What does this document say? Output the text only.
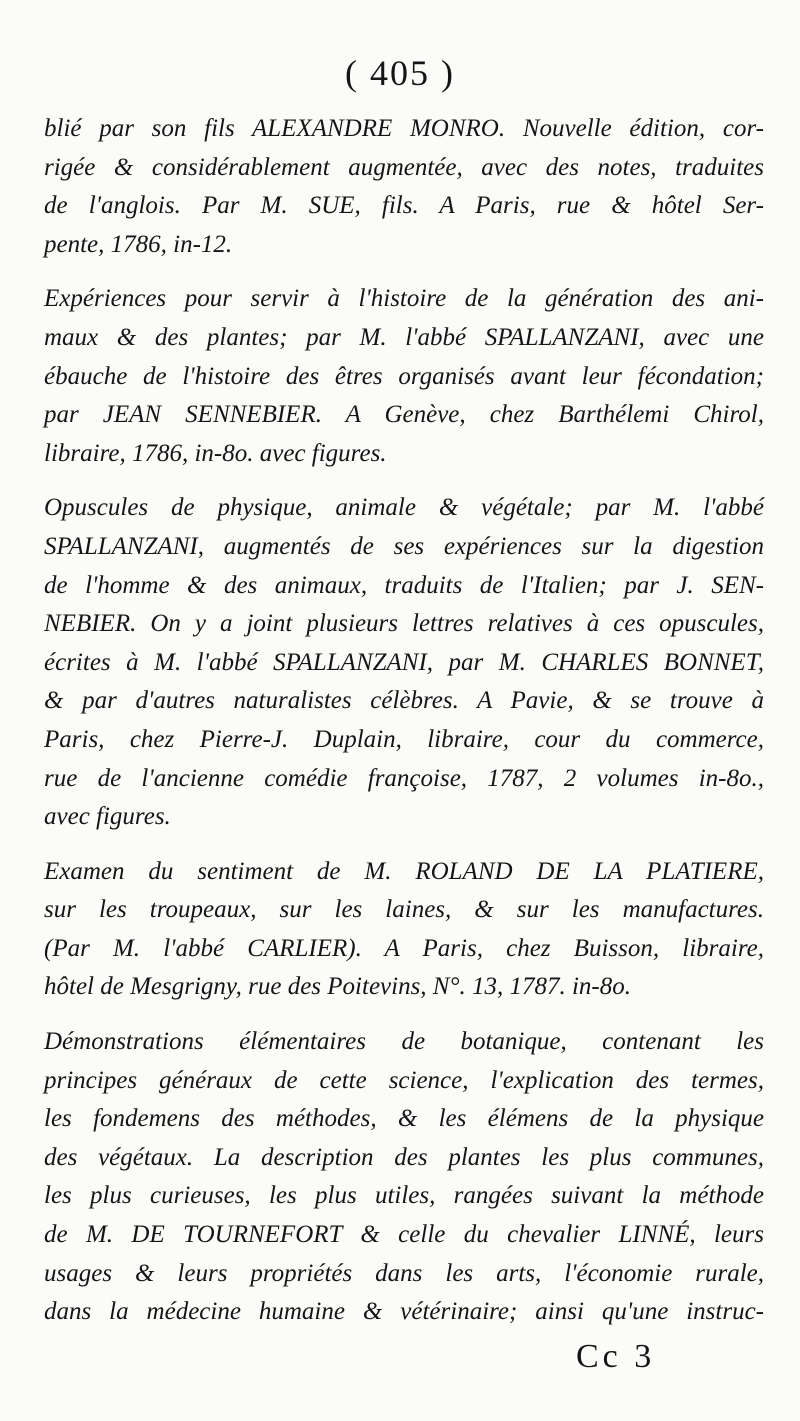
( 405 )
blié par son fils ALEXANDRE MONRO. Nouvelle édition, cor-
rigée & considérablement augmentée, avec des notes, traduites
de l'anglois. Par M. SUE, fils. A Paris, rue & hôtel Ser-
pente, 1786, in-12.
Expériences pour servir à l'histoire de la génération des ani-
maux & des plantes; par M. l'abbé SPALLANZANI, avec une
ébauche de l'histoire des êtres organisés avant leur fécondation;
par JEAN SENNEBIER. A Genève, chez Barthélemi Chirol,
libraire, 1786, in-8o. avec figures.
Opuscules de physique, animale & végétale; par M. l'abbé
SPALLANZANI, augmentés de ses expériences sur la digestion
de l'homme & des animaux, traduits de l'Italien; par J. SEN-
NEBIER. On y a joint plusieurs lettres relatives à ces opuscules,
écrites à M. l'abbé SPALLANZANI, par M. CHARLES BONNET,
& par d'autres naturalistes célèbres. A Pavie, & se trouve à
Paris, chez Pierre-J. Duplain, libraire, cour du commerce,
rue de l'ancienne comédie françoise, 1787, 2 volumes in-8o.,
avec figures.
Examen du sentiment de M. ROLAND DE LA PLATIERE,
sur les troupeaux, sur les laines, & sur les manufactures.
(Par M. l'abbé CARLIER). A Paris, chez Buisson, libraire,
hôtel de Mesgrigny, rue des Poitevins, N°. 13, 1787. in-8o.
Démonstrations élémentaires de botanique, contenant les
principes généraux de cette science, l'explication des termes,
les fondemens des méthodes, & les élémens de la physique
des végétaux. La description des plantes les plus communes,
les plus curieuses, les plus utiles, rangées suivant la méthode
de M. DE TOURNEFORT & celle du chevalier LINNÉ, leurs
usages & leurs propriétés dans les arts, l'économie rurale,
dans la médecine humaine & vétérinaire; ainsi qu'une instruc-
Cc 3
